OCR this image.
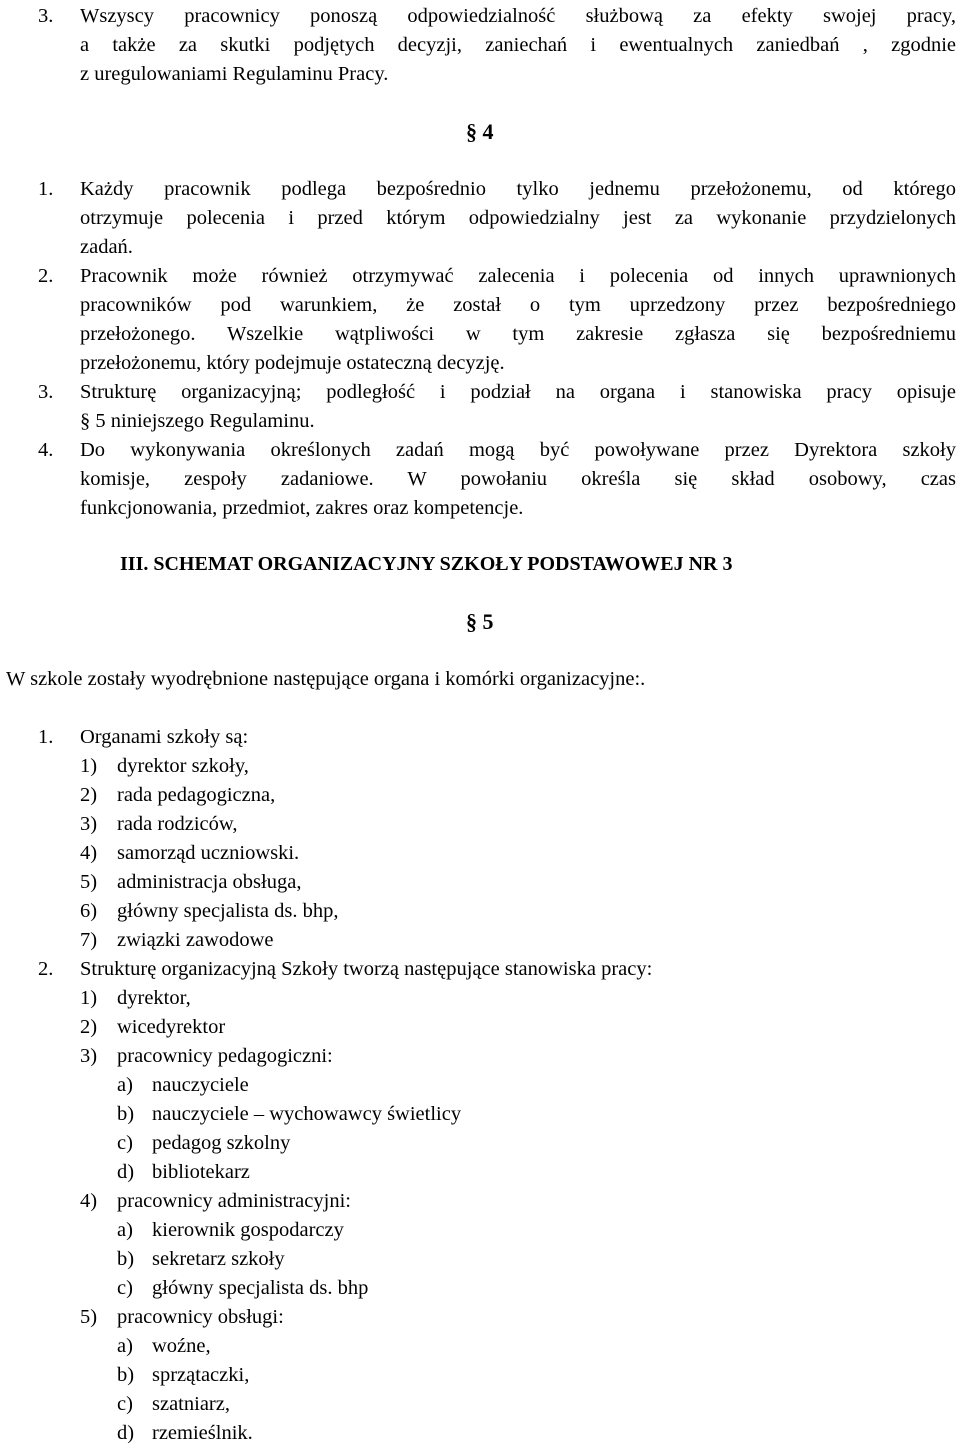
3. Wszyscy pracownicy ponoszą odpowiedzialność służbową za efekty swojej pracy,
a także za skutki podjętych decyzji, zaniechań i ewentualnych zaniedbań , zgodnie
z uregulowaniami Regulaminu Pracy.
§ 4
1. Każdy pracownik podlega bezpośrednio tylko jednemu przełożonemu, od którego
otrzymuje polecenia i przed którym odpowiedzialny jest za wykonanie przydzielonych
zadań.
2. Pracownik może również otrzymywać zalecenia i polecenia od innych uprawnionych
pracowników pod warunkiem, że został o tym uprzedzony przez bezpośredniego
przełożonego. Wszelkie wątpliwości w tym zakresie zgłasza się bezpośredniemu
przełożonemu, który podejmuje ostateczną decyzję.
3. Strukturę organizacyjną; podległość i podział na organa i stanowiska pracy opisuje
§ 5 niniejszego Regulaminu.
4. Do wykonywania określonych zadań mogą być powoływane przez Dyrektora szkoły
komisje, zespoły zadaniowe. W powołaniu określa się skład osobowy, czas
funkcjonowania, przedmiot, zakres oraz kompetencje.
III. SCHEMAT ORGANIZACYJNY SZKOŁY PODSTAWOWEJ NR 3
§ 5
W szkole zostały wyodrębnione następujące organa i komórki organizacyjne:.
1. Organami szkoły są:
1) dyrektor szkoły,
2) rada pedagogiczna,
3) rada rodziców,
4) samorząd uczniowski.
5) administracja obsługa,
6) główny specjalista ds. bhp,
7) związki zawodowe
2. Strukturę organizacyjną Szkoły tworzą następujące stanowiska pracy:
1) dyrektor,
2) wicedyrektor
3) pracownicy pedagogiczni:
a) nauczyciele
b) nauczyciele – wychowawcy świetlicy
c) pedagog szkolny
d) bibliotekarz
4) pracownicy administracyjni:
a) kierownik gospodarczy
b) sekretarz szkoły
c) główny specjalista ds. bhp
5) pracownicy obsługi:
a) woźne,
b) sprzątaczki,
c) szatniarz,
d) rzemieślnik.
